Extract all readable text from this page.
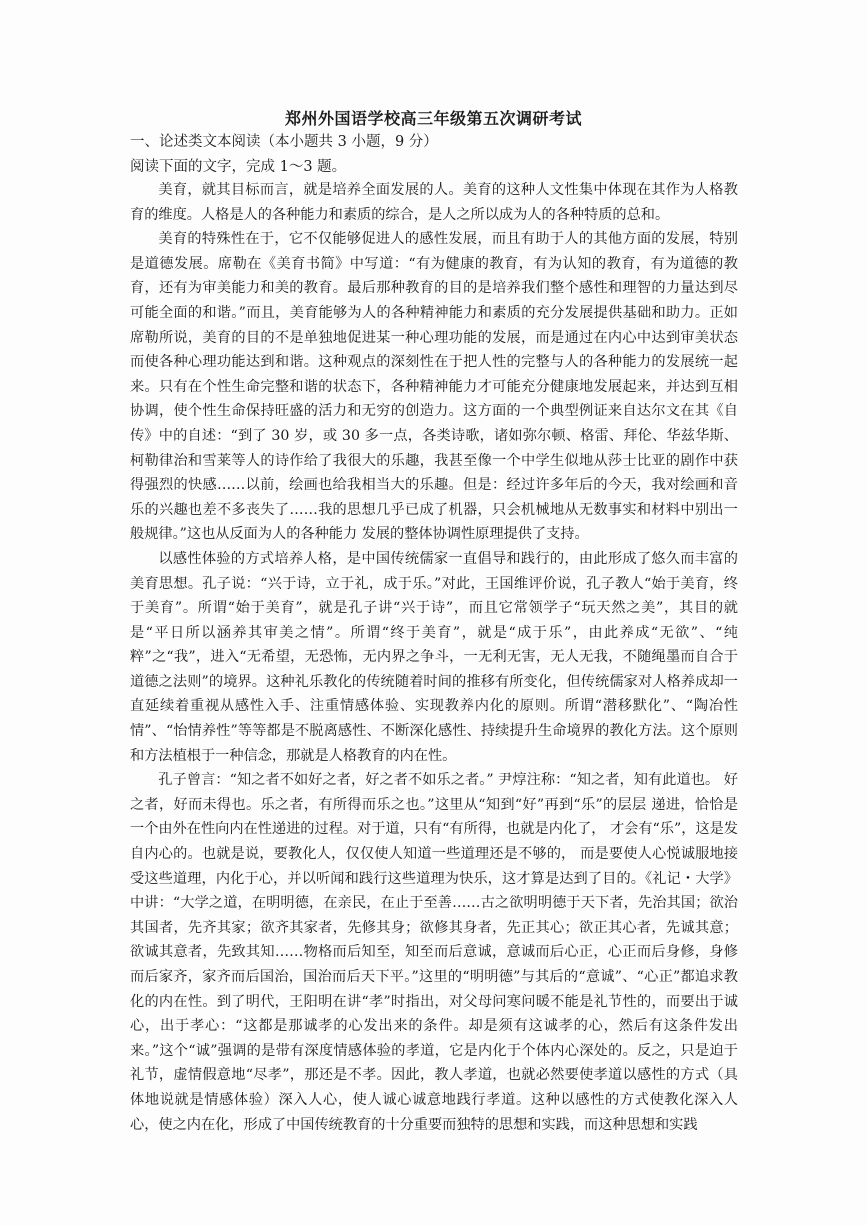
郑州外国语学校高三年级第五次调研考试
一、论述类文本阅读（本小题共 3 小题，9 分）
阅读下面的文字，完成 1～3 题。

美育，就其目标而言，就是培养全面发展的人。美育的这种人文性集中体现在其作为人格教育的维度。人格是人的各种能力和素质的综合，是人之所以成为人的各种特质的总和。

美育的特殊性在于，它不仅能够促进人的感性发展，而且有助于人的其他方面的发展，特别是道德发展。席勒在《美育书简》中写道：“有为健康的教育，有为认知的教育，有为道德的教育，还有为审美能力和美的教育。最后那种教育的目的是培养我们整个感性和理智的力量达到尽可能全面的和谐。”而且，美育能够为人的各种精神能力和素质的充分发展提供基础和助力。正如席勒所说，美育的目的不是单独地促进某一种心理功能的发展，而是通过在内心中达到审美状态而使各种心理功能达到和谐。这种观点的深刻性在于把人性的完整与人的各种能力的发展统一起来。只有在个性生命完整和谐的状态下，各种精神能力才可能充分健康地发展起来，并达到互相协调，使个性生命保持旺盛的活力和无穷的创造力。这方面的一个典型例证来自达尔文在其《自传》中的自述：“到了 30 岁，或 30 多一点，各类诗歌，诸如弥尔顿、格雷、拜伦、华兹华斯、柯勒律治和雪莱等人的诗作给了我很大的乐趣，我甚至像一个中学生似地从莎士比亚的剧作中获得强烈的快感……以前，绘画也给我相当大的乐趣。但是：经过许多年后的今天，我对绘画和音乐的兴趣也差不多丧失了……我的思想几乎已成了机器，只会机械地从无数事实和材料中别出一般规律。”这也从反面为人的各种能力 发展的整体协调性原理提供了支持。

以感性体验的方式培养人格，是中国传统儒家一直倡导和践行的，由此形成了悠久而丰富的美育思想。孔子说：“兴于诗，立于礼，成于乐。”对此，王国维评价说，孔子教人“始于美育，终于美育”。所谓“始于美育”，就是孔子讲“兴于诗”，而且它常领学子“玩天然之美”，其目的就是“平日所以涵养其审美之情”。所谓“终于美育”，就是“成于乐”，由此养成“无欲”、“纯粹”之“我”，进入“无希望，无恐怖，无内界之争斗，一无利无害，无人无我，不随绳墨而自合于道德之法则”的境界。这种礼乐教化的传统随着时间的推移有所变化，但传统儒家对人格养成却一直延续着重视从感性入手、注重情感体验、实现教养内化的原则。所谓“潜移默化”、“陶冶性情”、“怡情养性”等等都是不脱离感性、不断深化感性、持续提升生命境界的教化方法。这个原则和方法植根于一种信念，那就是人格教育的内在性。

孔子曾言：“知之者不如好之者，好之者不如乐之者。” 尹焞注称：“知之者，知有此道也。 好之者，好而未得也。乐之者，有所得而乐之也。”这里从“知到“好”再到“乐”的层层 递进，恰恰是一个由外在性向内在性递进的过程。对于道，只有“有所得，也就是内化了， 才会有“乐”，这是发自内心的。也就是说，要教化人，仅仅使人知道一些道理还是不够的， 而是要使人心悦诚服地接受这些道理，内化于心，并以听闻和践行这些道理为快乐，这才算是达到了目的。《礼记・大学》中讲：“大学之道，在明明德，在亲民，在止于至善……古之欲明明德于天下者，先治其国；欲治其国者，先齐其家；欲齐其家者，先修其身；欲修其身者，先正其心；欲正其心者，先诚其意；欲诚其意者，先致其知……物格而后知至，知至而后意诚，意诚而后心正，心正而后身修，身修而后家齐，家齐而后国治，国治而后天下平。”这里的“明明德”与其后的“意诚”、“心正”都追求教化的内在性。到了明代，王阳明在讲“孝”时指出，对父母问寒问暖不能是礼节性的，而要出于诚心，出于孝心：“这都是那诚孝的心发出来的条件。却是须有这诚孝的心，然后有这条件发出来。”这个“诚”强调的是带有深度情感体验的孝道，它是内化于个体内心深处的。反之，只是迫于礼节，虚情假意地“尽孝”，那还是不孝。因此，教人孝道，也就必然要使孝道以感性的方式（具体地说就是情感体验）深入人心，使人诚心诚意地践行孝道。这种以感性的方式使教化深入人心，使之内在化，形成了中国传统教育的十分重要而独特的思想和实践，而这种思想和实践
